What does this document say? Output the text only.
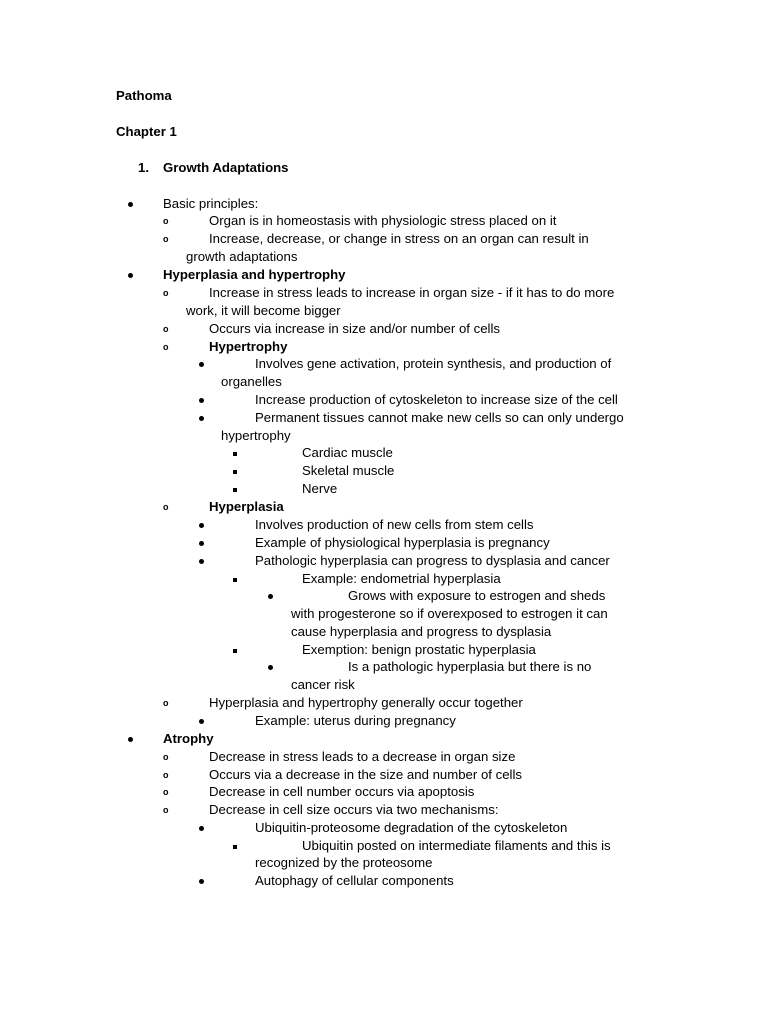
Pathoma
Chapter 1
1. Growth Adaptations
Basic principles:
o	Organ is in homeostasis with physiologic stress placed on it
o	Increase, decrease, or change in stress on an organ can result in
growth adaptations
Hyperplasia and hypertrophy
o	Increase in stress leads to increase in organ size - if it has to do more
work, it will become bigger
o	Occurs via increase in size and/or number of cells
o	Hypertrophy
Involves gene activation, protein synthesis, and production of
organelles
Increase production of cytoskeleton to increase size of the cell
Permanent tissues cannot make new cells so can only undergo
hypertrophy
Cardiac muscle
Skeletal muscle
Nerve
o	Hyperplasia
Involves production of new cells from stem cells
Example of physiological hyperplasia is pregnancy
Pathologic hyperplasia can progress to dysplasia and cancer
Example: endometrial hyperplasia
Grows with exposure to estrogen and sheds
with progesterone so if overexposed to estrogen it can
cause hyperplasia and progress to dysplasia
Exemption: benign prostatic hyperplasia
Is a pathologic hyperplasia but there is no
cancer risk
o	Hyperplasia and hypertrophy generally occur together
Example: uterus during pregnancy
Atrophy
o	Decrease in stress leads to a decrease in organ size
o	Occurs via a decrease in the size and number of cells
o	Decrease in cell number occurs via apoptosis
o	Decrease in cell size occurs via two mechanisms:
Ubiquitin-proteosome degradation of the cytoskeleton
Ubiquitin posted on intermediate filaments and this is
recognized by the proteosome
Autophagy of cellular components
